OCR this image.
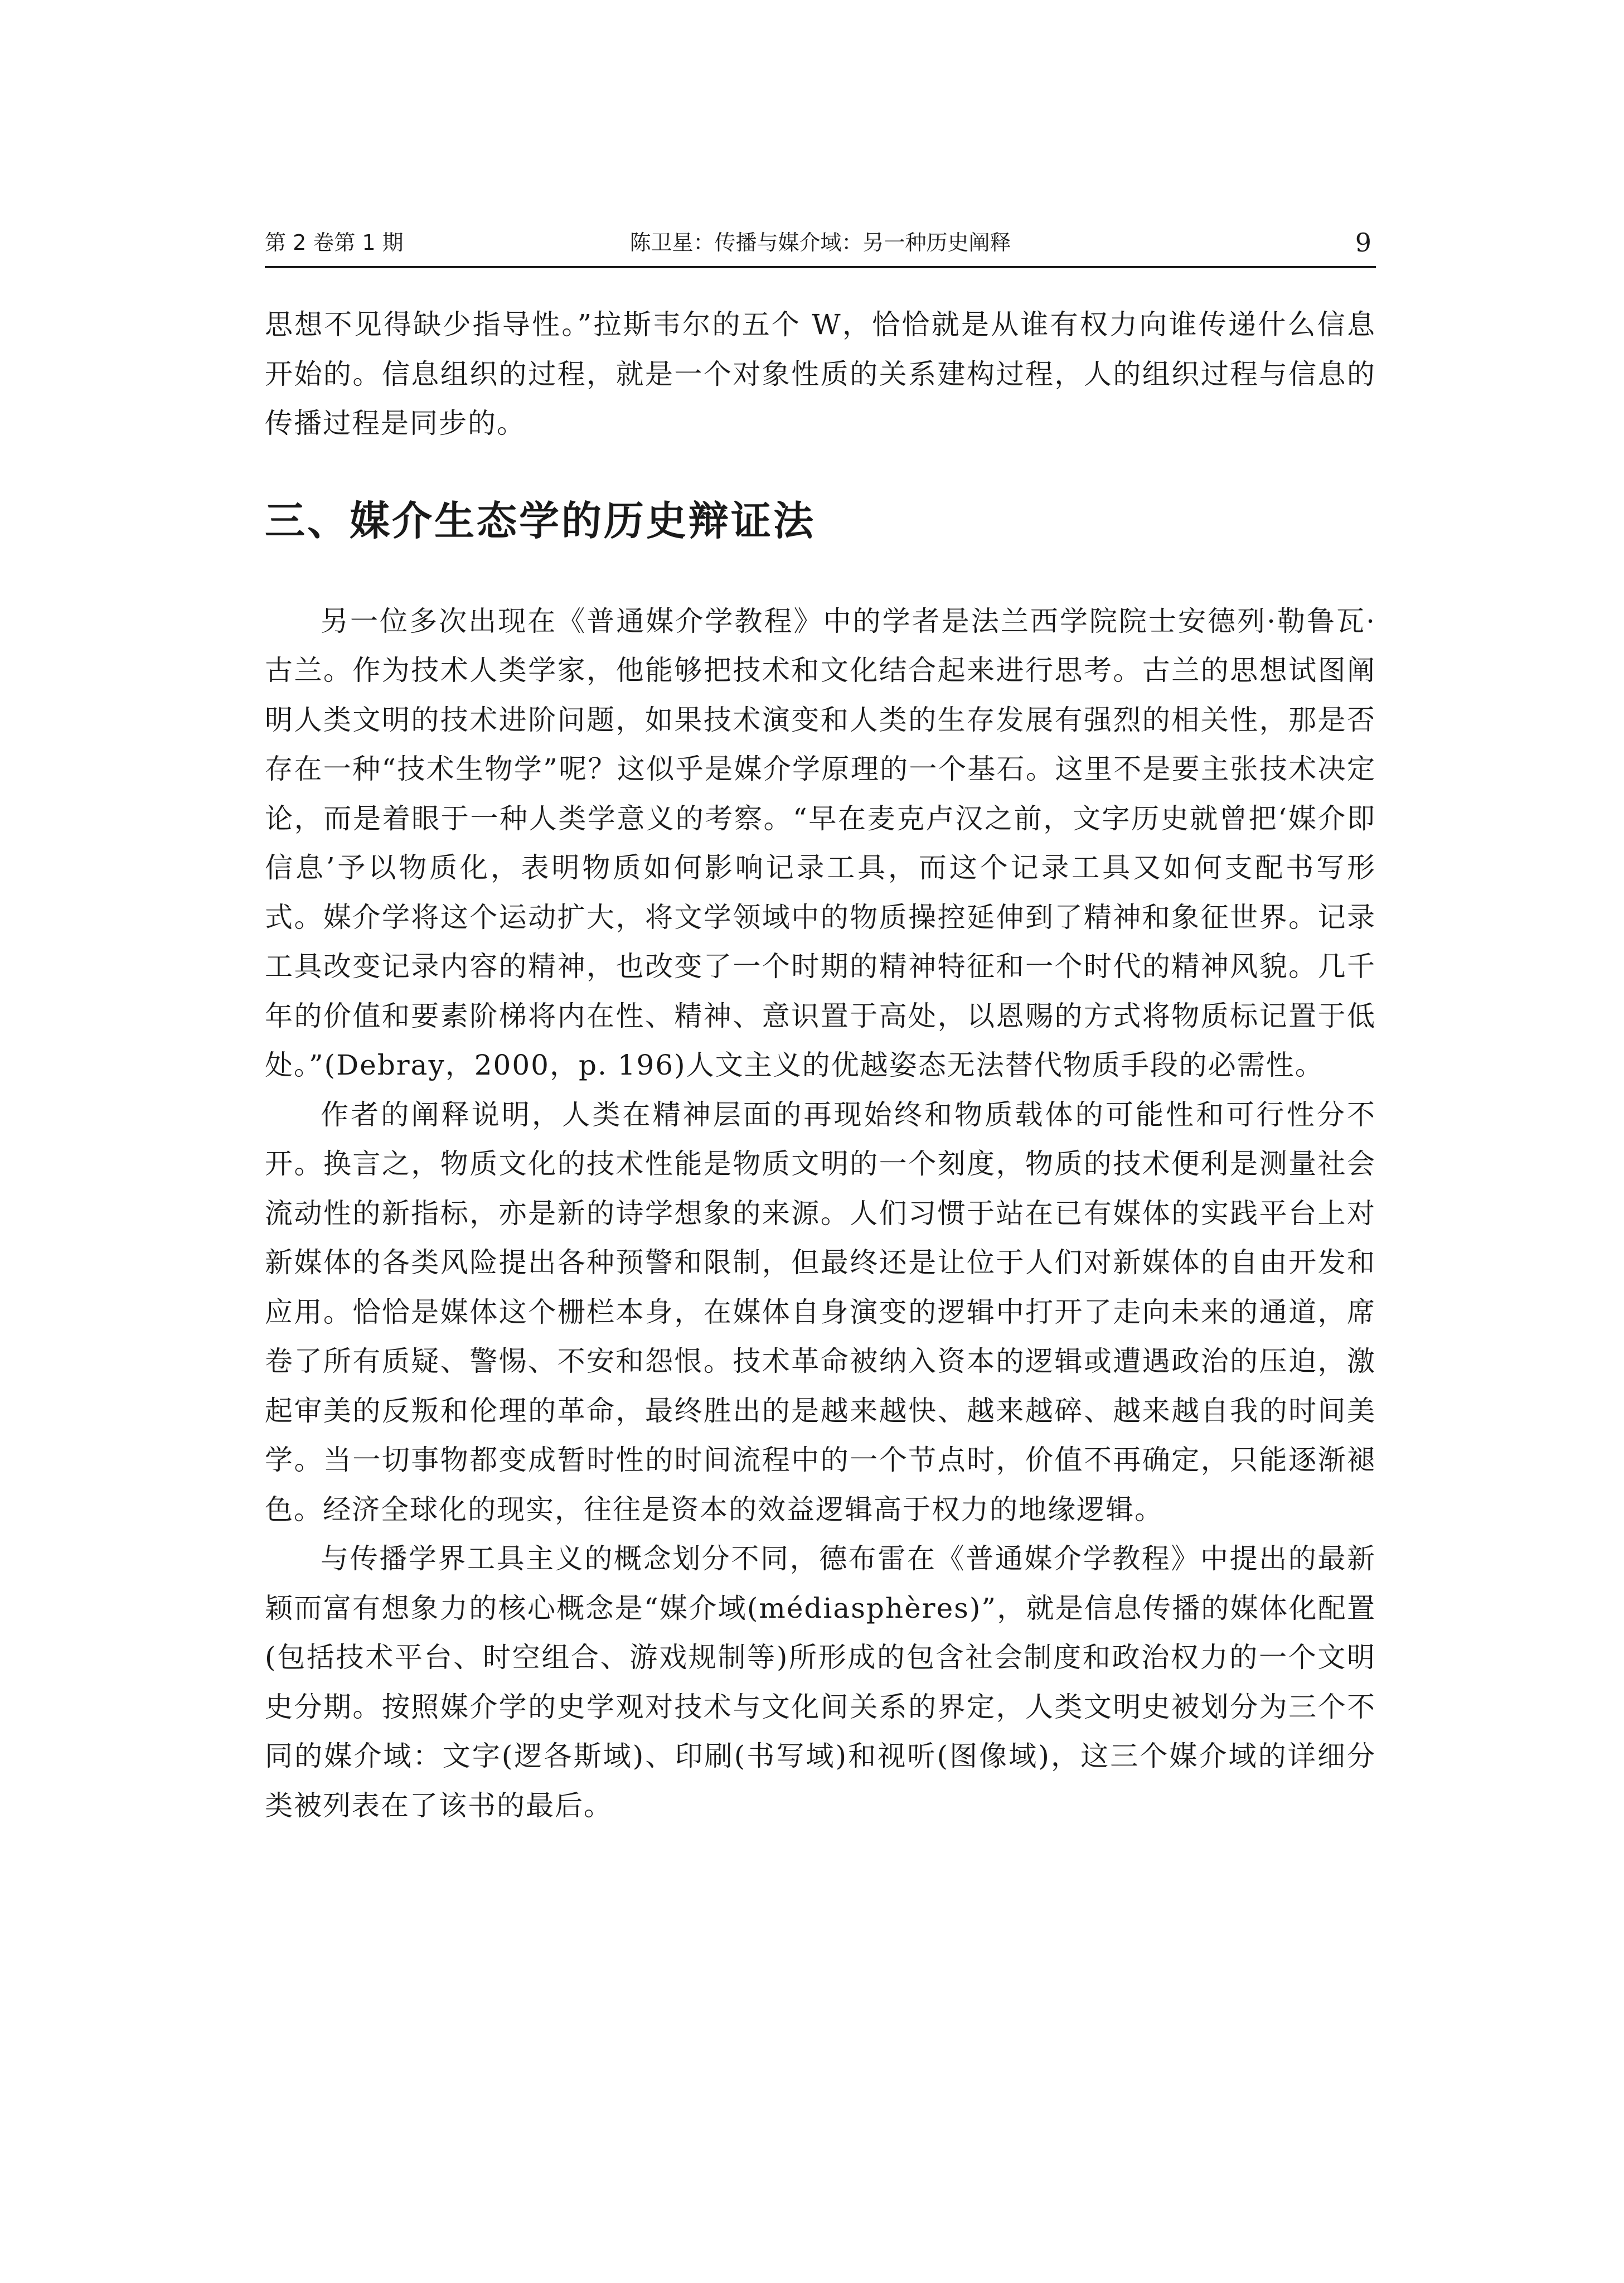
第 2 卷第 1 期	陈卫星：传播与媒介域：另一种历史阐释	9

思想不见得缺少指导性。”拉斯韦尔的五个 W，恰恰就是从谁有权力向谁传递什么信息开始的。信息组织的过程，就是一个对象性质的关系建构过程，人的组织过程与信息的传播过程是同步的。

三、媒介生态学的历史辩证法

另一位多次出现在《普通媒介学教程》中的学者是法兰西学院院士安德列·勒鲁瓦·古兰。作为技术人类学家，他能够把技术和文化结合起来进行思考。古兰的思想试图阐明人类文明的技术进阶问题，如果技术演变和人类的生存发展有强烈的相关性，那是否存在一种“技术生物学”呢？这似乎是媒介学原理的一个基石。这里不是要主张技术决定论，而是着眼于一种人类学意义的考察。“早在麦克卢汉之前，文字历史就曾把‘媒介即信息’予以物质化，表明物质如何影响记录工具，而这个记录工具又如何支配书写形式。媒介学将这个运动扩大，将文学领域中的物质操控延伸到了精神和象征世界。记录工具改变记录内容的精神，也改变了一个时期的精神特征和一个时代的精神风貌。几千年的价值和要素阶梯将内在性、精神、意识置于高处，以恩赐的方式将物质标记置于低处。”(Debray，2000，p. 196)人文主义的优越姿态无法替代物质手段的必需性。

作者的阐释说明，人类在精神层面的再现始终和物质载体的可能性和可行性分不开。换言之，物质文化的技术性能是物质文明的一个刻度，物质的技术便利是测量社会流动性的新指标，亦是新的诗学想象的来源。人们习惯于站在已有媒体的实践平台上对新媒体的各类风险提出各种预警和限制，但最终还是让位于人们对新媒体的自由开发和应用。恰恰是媒体这个栅栏本身，在媒体自身演变的逻辑中打开了走向未来的通道，席卷了所有质疑、警惕、不安和怨恨。技术革命被纳入资本的逻辑或遭遇政治的压迫，激起审美的反叛和伦理的革命，最终胜出的是越来越快、越来越碎、越来越自我的时间美学。当一切事物都变成暂时性的时间流程中的一个节点时，价值不再确定，只能逐渐褪色。经济全球化的现实，往往是资本的效益逻辑高于权力的地缘逻辑。

与传播学界工具主义的概念划分不同，德布雷在《普通媒介学教程》中提出的最新颖而富有想象力的核心概念是“媒介域(médiasphères)”，就是信息传播的媒体化配置(包括技术平台、时空组合、游戏规制等)所形成的包含社会制度和政治权力的一个文明史分期。按照媒介学的史学观对技术与文化间关系的界定，人类文明史被划分为三个不同的媒介域：文字(逻各斯域)、印刷(书写域)和视听(图像域)，这三个媒介域的详细分类被列表在了该书的最后。
